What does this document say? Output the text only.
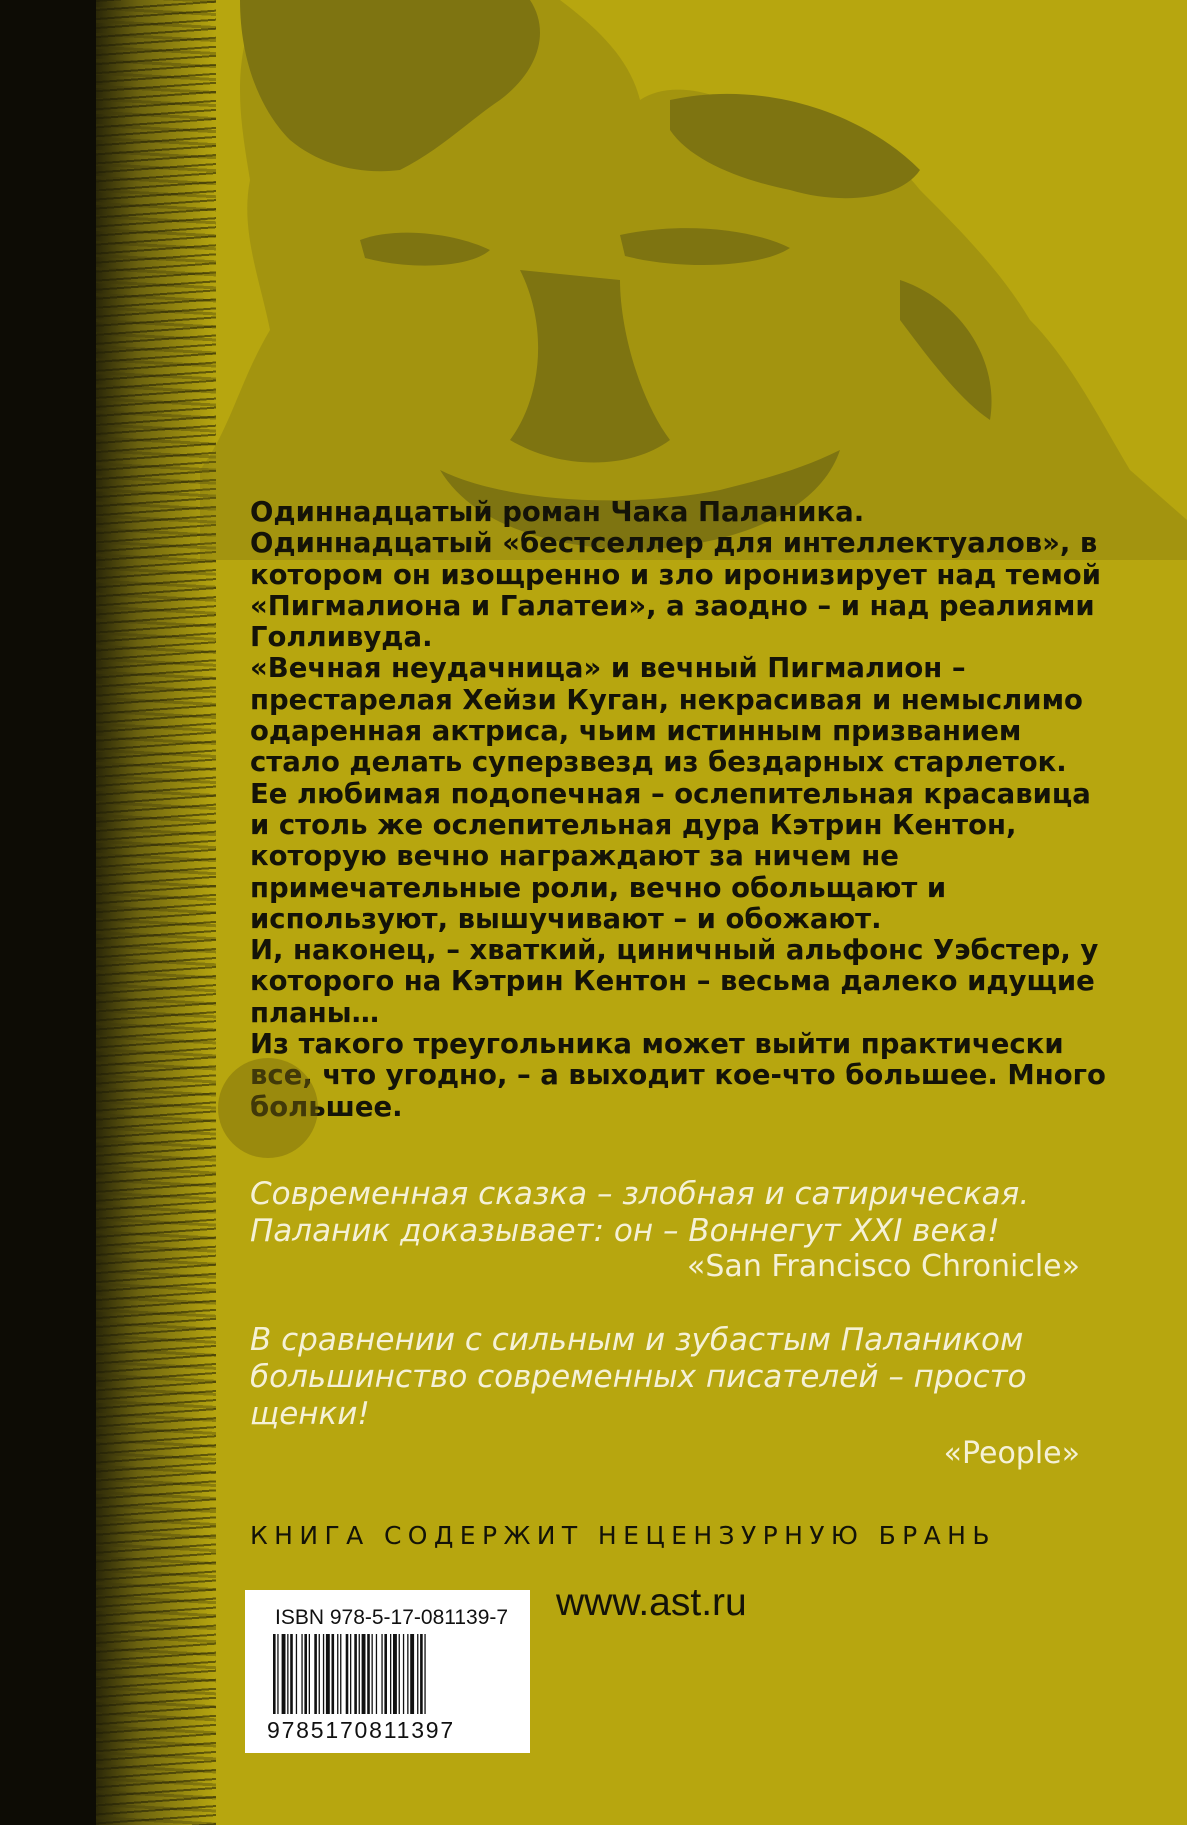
Одиннадцатый роман Чака Паланика.

Одиннадцатый «бестселлер для интеллектуалов», в котором он изощренно и зло иронизирует над темой «Пигмалиона и Галатеи», а заодно – и над реалиями Голливуда.

«Вечная неудачница» и вечный Пигмалион – престарелая Хейзи Куган, некрасивая и немыслимо одаренная актриса, чьим истинным призванием стало делать суперзвезд из бездарных старлеток.

Ее любимая подопечная – ослепительная красавица и столь же ослепительная дура Кэтрин Кентон, которую вечно награждают за ничем не примечательные роли, вечно обольщают и используют, вышучивают – и обожают.

И, наконец, – хваткий, циничный альфонс Уэбстер, у которого на Кэтрин Кентон – весьма далеко идущие планы…

Из такого треугольника может выйти практически все, что угодно, – а выходит кое-что большее. Много большее.

Современная сказка – злобная и сатирическая. Паланик доказывает: он – Воннегут XXI века!

«San Francisco Chronicle»

В сравнении с сильным и зубастым Палаником большинство современных писателей – просто щенки!

«People»
КНИГА СОДЕРЖИТ НЕЦЕНЗУРНУЮ БРАНЬ
ISBN 978-5-17-081139-7
9785170811397
www.ast.ru
